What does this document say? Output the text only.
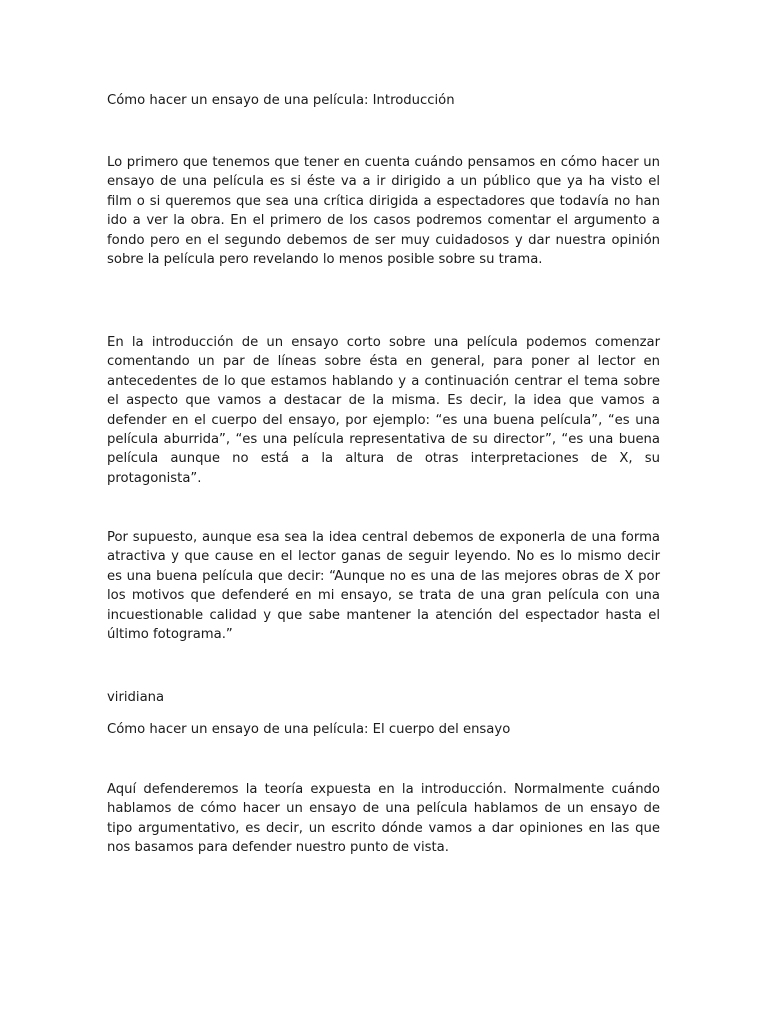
Cómo hacer un ensayo de una película: Introducción

Lo primero que tenemos que tener en cuenta cuándo pensamos en cómo hacer un ensayo de una película es si éste va a ir dirigido a un público que ya ha visto el film o si queremos que sea una crítica dirigida a espectadores que todavía no han ido a ver la obra. En el primero de los casos podremos comentar el argumento a fondo pero en el segundo debemos de ser muy cuidadosos y dar nuestra opinión sobre la película pero revelando lo menos posible sobre su trama.

En la introducción de un ensayo corto sobre una película podemos comenzar comentando un par de líneas sobre ésta en general, para poner al lector en antecedentes de lo que estamos hablando y a continuación centrar el tema sobre el aspecto que vamos a destacar de la misma. Es decir, la idea que vamos a defender en el cuerpo del ensayo, por ejemplo: “es una buena película”, “es una película aburrida”, “es una película representativa de su director”, “es una buena película aunque no está a la altura de otras interpretaciones de X, su protagonista”.

Por supuesto, aunque esa sea la idea central debemos de exponerla de una forma atractiva y que cause en el lector ganas de seguir leyendo. No es lo mismo decir es una buena película que decir: “Aunque no es una de las mejores obras de X por los motivos que defenderé en mi ensayo, se trata de una gran película con una incuestionable calidad y que sabe mantener la atención del espectador hasta el último fotograma.”

viridiana

Cómo hacer un ensayo de una película: El cuerpo del ensayo

Aquí defenderemos la teoría expuesta en la introducción. Normalmente cuándo hablamos de cómo hacer un ensayo de una película hablamos de un ensayo de tipo argumentativo, es decir, un escrito dónde vamos a dar opiniones en las que nos basamos para defender nuestro punto de vista.
